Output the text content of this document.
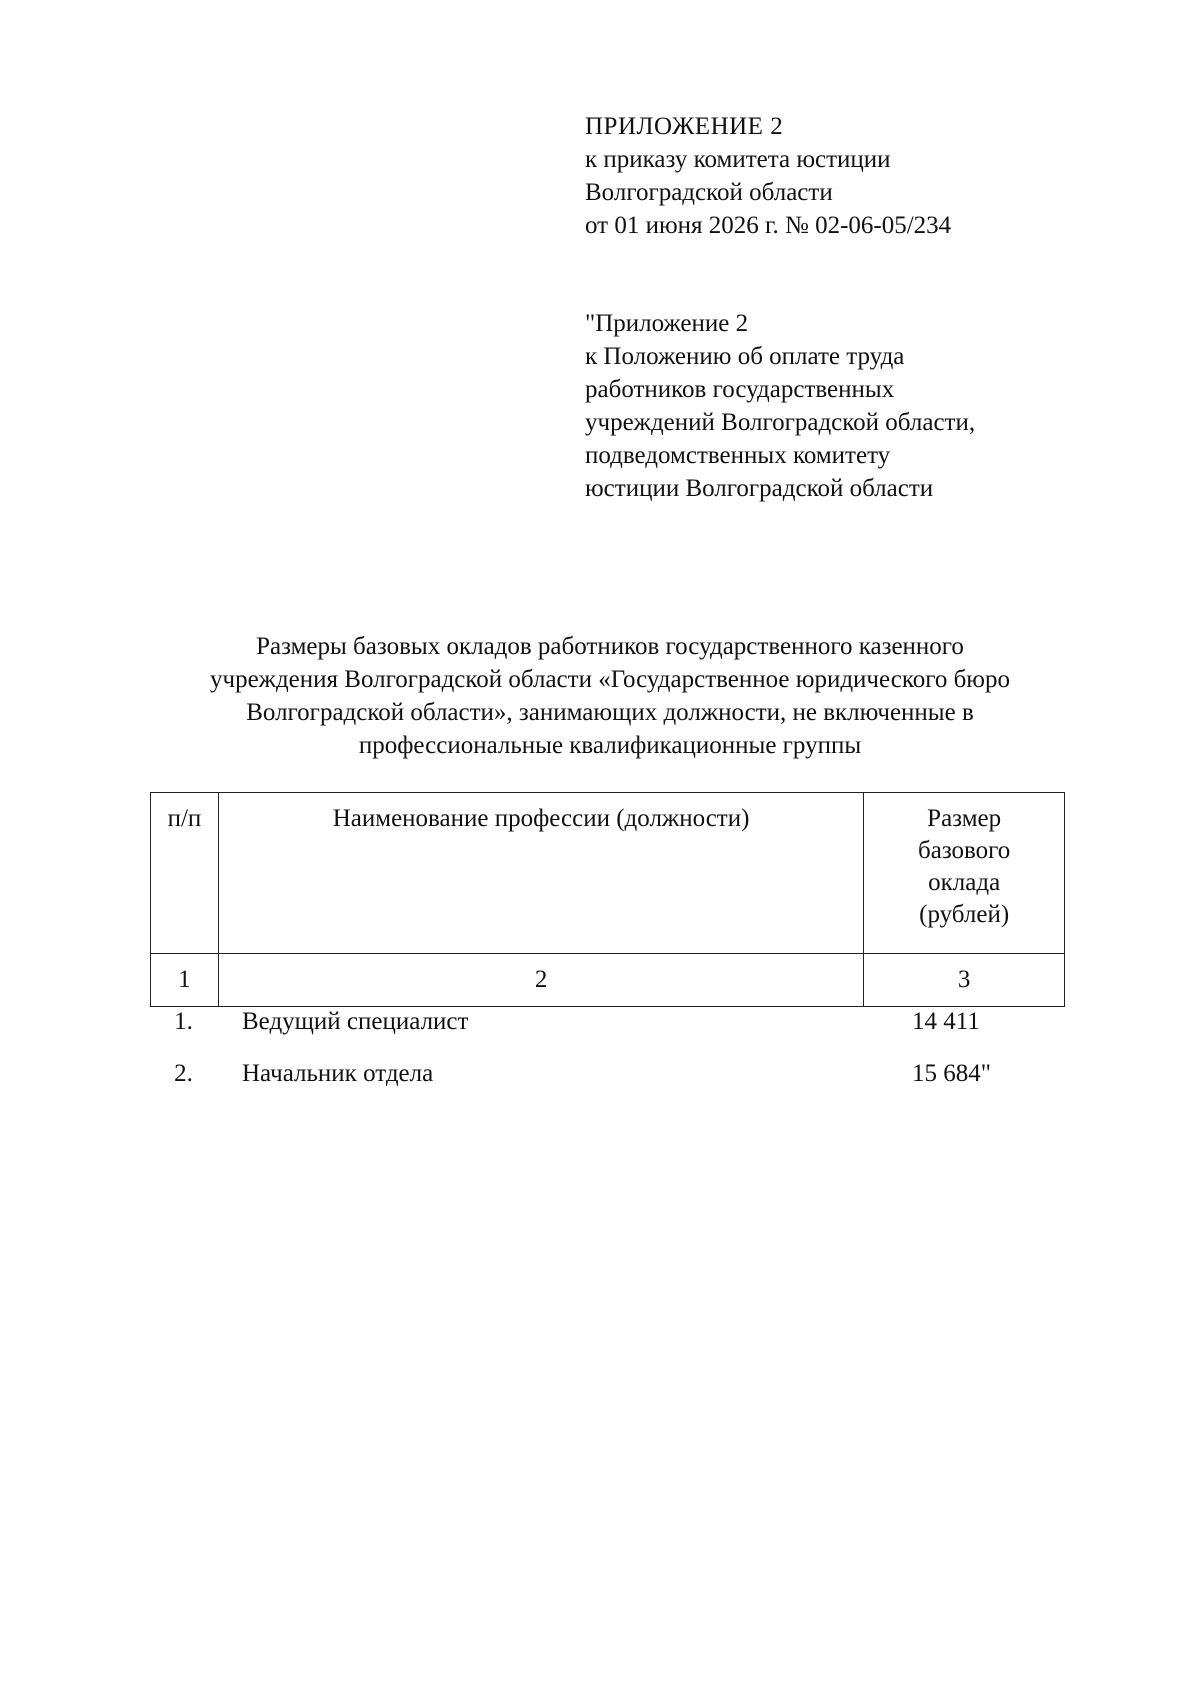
ПРИЛОЖЕНИЕ 2
к приказу комитета юстиции
Волгоградской области
от 01 июня 2026 г. № 02-06-05/234
"Приложение 2
к Положению об оплате труда
работников государственных
учреждений Волгоградской области,
подведомственных комитету
юстиции Волгоградской области
Размеры базовых окладов работников государственного казенного
учреждения Волгоградской области «Государственное юридического бюро
Волгоградской области», занимающих должности, не включенные в
профессиональные квалификационные группы
п/п	Наименование профессии (должности)	Размер
базового
оклада
(рублей)

1	2	3
1.	Ведущий специалист	14 411
2.	Начальник отдела	15 684"
